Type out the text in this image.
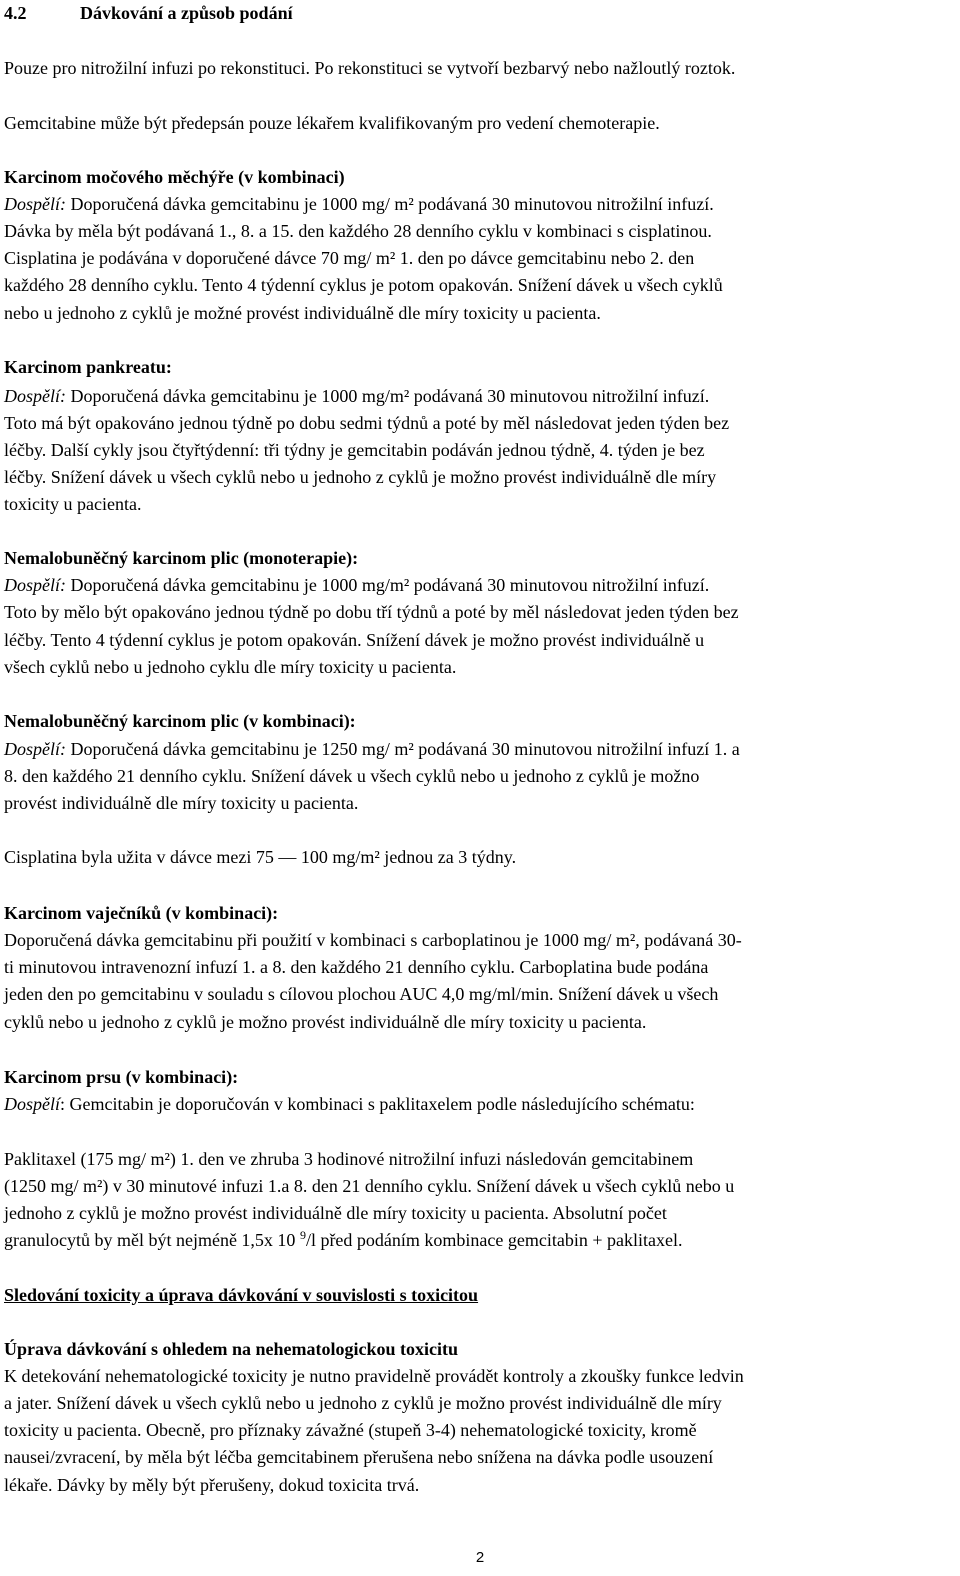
4.2	Dávkování a způsob podání
Pouze pro nitrožilní infuzi po rekonstituci. Po rekonstituci se vytvoří bezbarvý nebo nažloutlý roztok.
Gemcitabine může být předepsán pouze lékařem kvalifikovaným pro vedení chemoterapie.
Karcinom močového měchýře (v kombinaci)
Dospělí: Doporučená dávka gemcitabinu je 1000 mg/ m² podávaná 30 minutovou nitrožilní infuzí.
Dávka by měla být podávaná 1., 8. a 15. den každého 28 denního cyklu v kombinaci s cisplatinou.
Cisplatina je podávána v doporučené dávce 70 mg/ m² 1. den po dávce gemcitabinu nebo 2. den
každého 28 denního cyklu. Tento 4 týdenní cyklus je potom opakován. Snížení dávek u všech cyklů
nebo u jednoho z cyklů je možné provést individuálně dle míry toxicity u pacienta.
Karcinom pankreatu:
Dospělí: Doporučená dávka gemcitabinu je 1000 mg/m² podávaná 30 minutovou nitrožilní infuzí.
Toto má být opakováno jednou týdně po dobu sedmi týdnů a poté by měl následovat jeden týden bez
léčby. Další cykly jsou čtyřtýdenní: tři týdny je gemcitabin podáván jednou týdně, 4. týden je bez
léčby. Snížení dávek u všech cyklů nebo u jednoho z cyklů je možno provést individuálně dle míry
toxicity u pacienta.
Nemalobuněčný karcinom plic (monoterapie):
Dospělí: Doporučená dávka gemcitabinu je 1000 mg/m² podávaná 30 minutovou nitrožilní infuzí.
Toto by mělo být opakováno jednou týdně po dobu tří týdnů a poté by měl následovat jeden týden bez
léčby. Tento 4 týdenní cyklus je potom opakován. Snížení dávek je možno provést individuálně u
všech cyklů nebo u jednoho cyklu dle míry toxicity u pacienta.
Nemalobuněčný karcinom plic (v kombinaci):
Dospělí: Doporučená dávka gemcitabinu je 1250 mg/ m² podávaná 30 minutovou nitrožilní infuzí 1. a
8. den každého 21 denního cyklu. Snížení dávek u všech cyklů nebo u jednoho z cyklů je možno
provést individuálně dle míry toxicity u pacienta.
Cisplatina byla užita v dávce mezi 75 — 100 mg/m² jednou za 3 týdny.
Karcinom vaječníků (v kombinaci):
Doporučená dávka gemcitabinu při použití v kombinaci s carboplatinou je 1000 mg/ m², podávaná 30-
ti minutovou intravenozní infuzí 1. a 8. den každého 21 denního cyklu. Carboplatina bude podána
jeden den po gemcitabinu v souladu s cílovou plochou AUC 4,0 mg/ml/min. Snížení dávek u všech
cyklů nebo u jednoho z cyklů je možno provést individuálně dle míry toxicity u pacienta.
Karcinom prsu (v kombinaci):
Dospělí: Gemcitabin je doporučován v kombinaci s paklitaxelem podle následujícího schématu:
Paklitaxel (175 mg/ m²) 1. den ve zhruba 3 hodinové nitrožilní infuzi následován gemcitabinem
(1250 mg/ m²) v 30 minutové infuzi 1.a 8. den 21 denního cyklu. Snížení dávek u všech cyklů nebo u
jednoho z cyklů je možno provést individuálně dle míry toxicity u pacienta. Absolutní počet
granulocytů by měl být nejméně 1,5x 10 $^9$/l před podáním kombinace gemcitabin + paklitaxel.
Sledování toxicity a úprava dávkování v souvislosti s toxicitou
Úprava dávkování s ohledem na nehematologickou toxicitu
K detekování nehematologické toxicity je nutno pravidelně provádět kontroly a zkoušky funkce ledvin
a jater. Snížení dávek u všech cyklů nebo u jednoho z cyklů je možno provést individuálně dle míry
toxicity u pacienta. Obecně, pro příznaky závažné (stupeň 3-4) nehematologické toxicity, kromě
nausei/zvracení, by měla být léčba gemcitabinem přerušena nebo snížena na dávka podle usouzení
lékaře. Dávky by měly být přerušeny, dokud toxicita trvá.
2
